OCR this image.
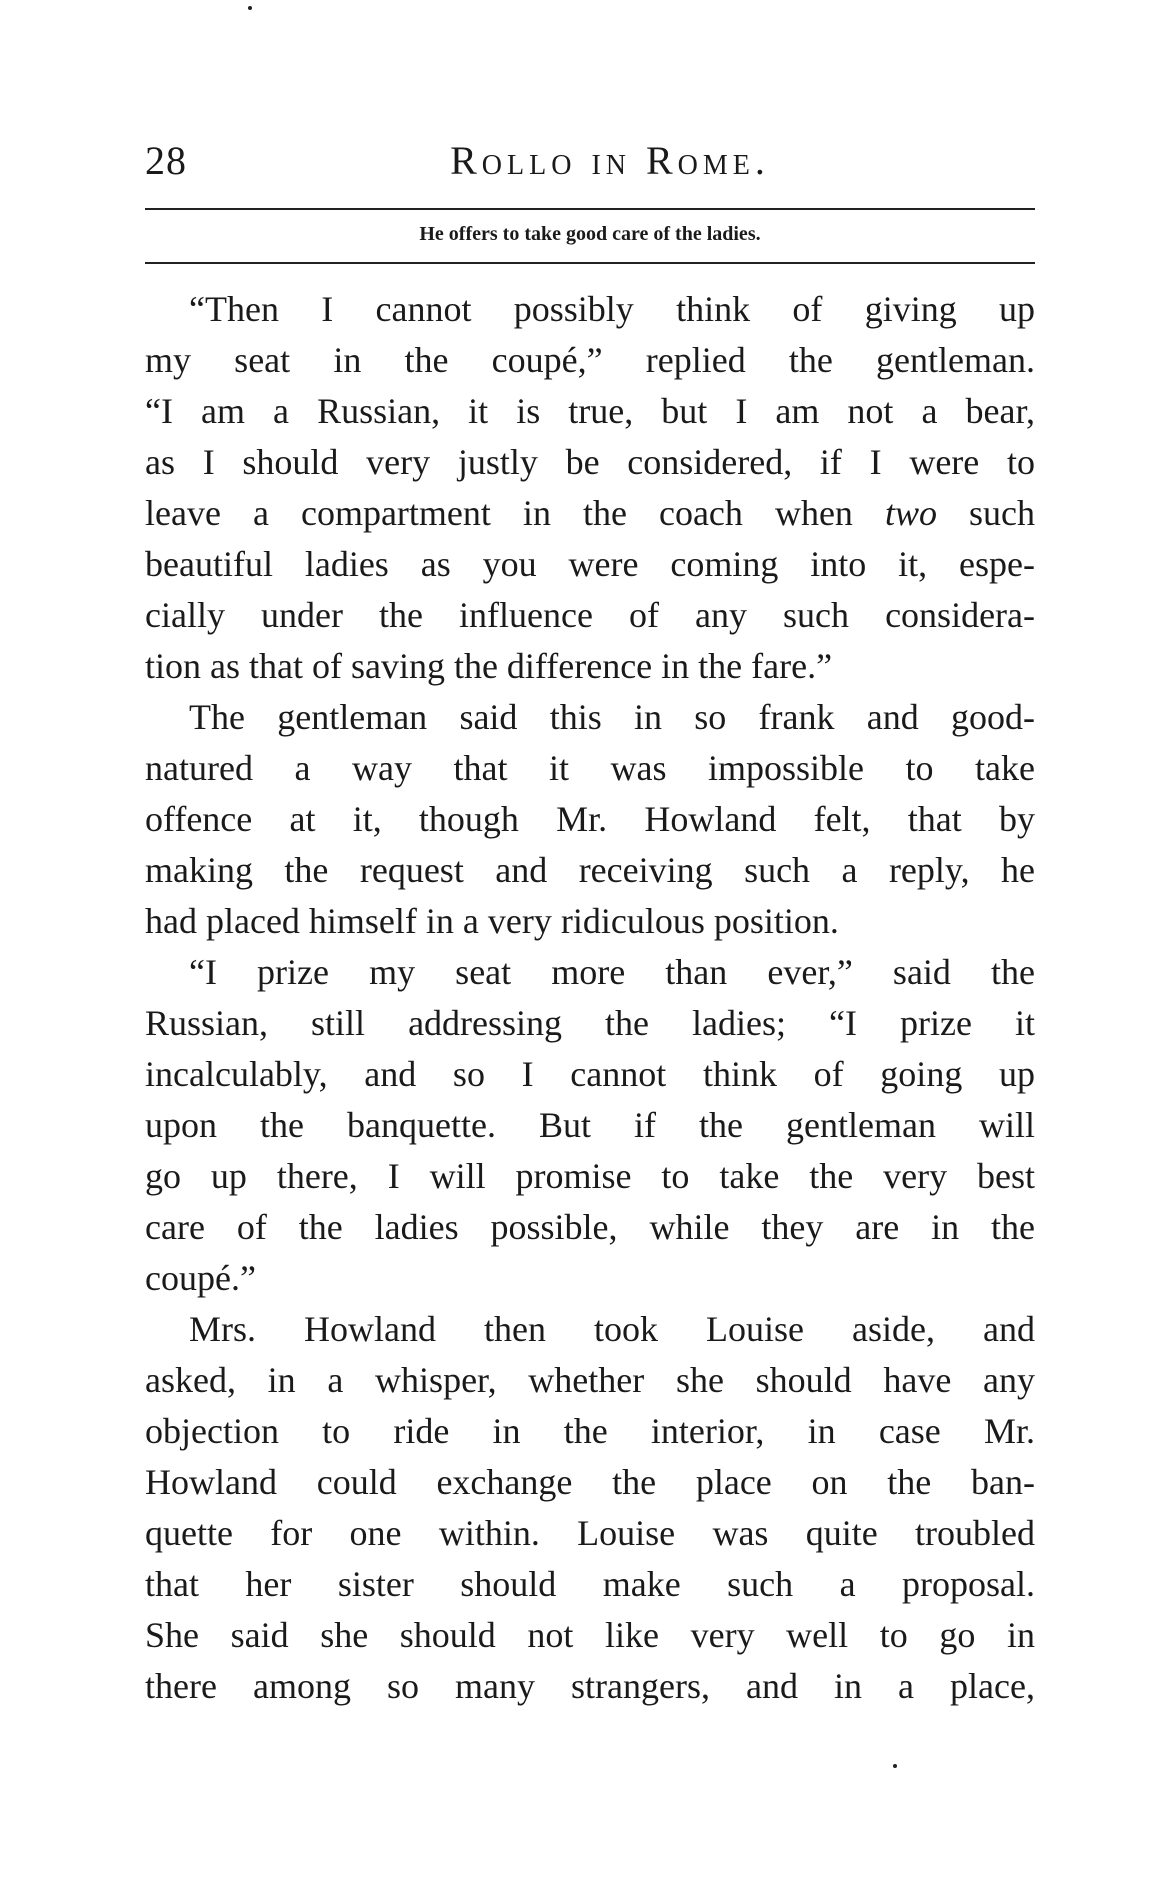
28	Rollo in Rome.
He offers to take good care of the ladies.
“Then I cannot possibly think of giving up
my seat in the coupé,” replied the gentleman.
“I am a Russian, it is true, but I am not a bear,
as I should very justly be considered, if I were to
leave a compartment in the coach when two such
beautiful ladies as you were coming into it, espe-
cially under the influence of any such considera-
tion as that of saving the difference in the fare.”
The gentleman said this in so frank and good-
natured a way that it was impossible to take
offence at it, though Mr. Howland felt, that by
making the request and receiving such a reply, he
had placed himself in a very ridiculous position.
“I prize my seat more than ever,” said the
Russian, still addressing the ladies; “I prize it
incalculably, and so I cannot think of going up
upon the banquette. But if the gentleman will
go up there, I will promise to take the very best
care of the ladies possible, while they are in the
coupé.”
Mrs. Howland then took Louise aside, and
asked, in a whisper, whether she should have any
objection to ride in the interior, in case Mr.
Howland could exchange the place on the ban-
quette for one within. Louise was quite troubled
that her sister should make such a proposal.
She said she should not like very well to go in
there among so many strangers, and in a place,
